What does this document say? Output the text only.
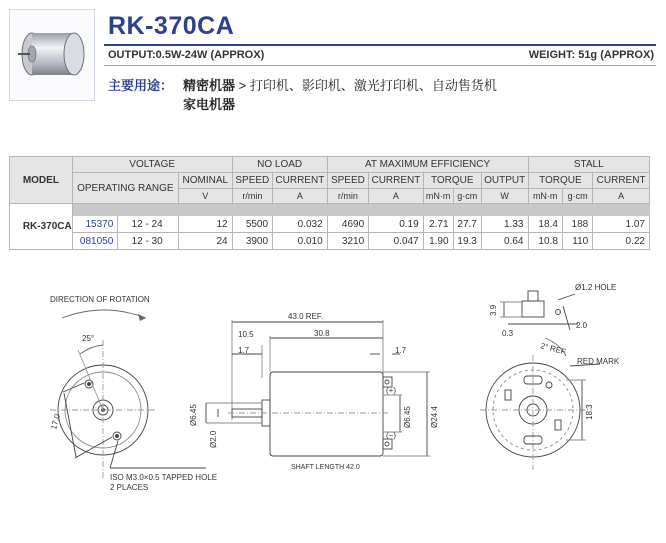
RK-370CA
OUTPUT:0.5W-24W (APPROX)	WEIGHT: 51g (APPROX)
主要用途： 精密机器 > 打印机、影印机、激光打印机、自动售货机
家电机器
MODEL	VOLTAGE			NO LOAD		AT MAXIMUM EFFICIENCY					STALL		
	OPERATING RANGE		NOMINAL	SPEED	CURRENT	SPEED	CURRENT	TORQUE		OUTPUT	TORQUE		CURRENT
			V	r/min	A	r/min	A	mN·m	g·cm	W	mN·m	g·cm	A
RK-370CA													
	15370	12 - 24	12	5500	0.032	4690	0.19	2.71	27.7	1.33	18.4	188	1.07
	081050	12 - 30	24	3900	0.010	3210	0.047	1.90	19.3	0.64	10.8	110	0.22
DIRECTION OF ROTATION
25°
17.0
ISO M3.0×0.5 TAPPED HOLE
2 PLACES
43.0 REF.
30.8
10.5
1.7	1.7
Ø6.45
Ø2.0
Ø6.45 Ø24.4
(+)
(−)
SHAFT LENGTH 42.0
Ø1.2 HOLE
3.9
0.3
2.0
2° REF.
RED MARK
18.3
